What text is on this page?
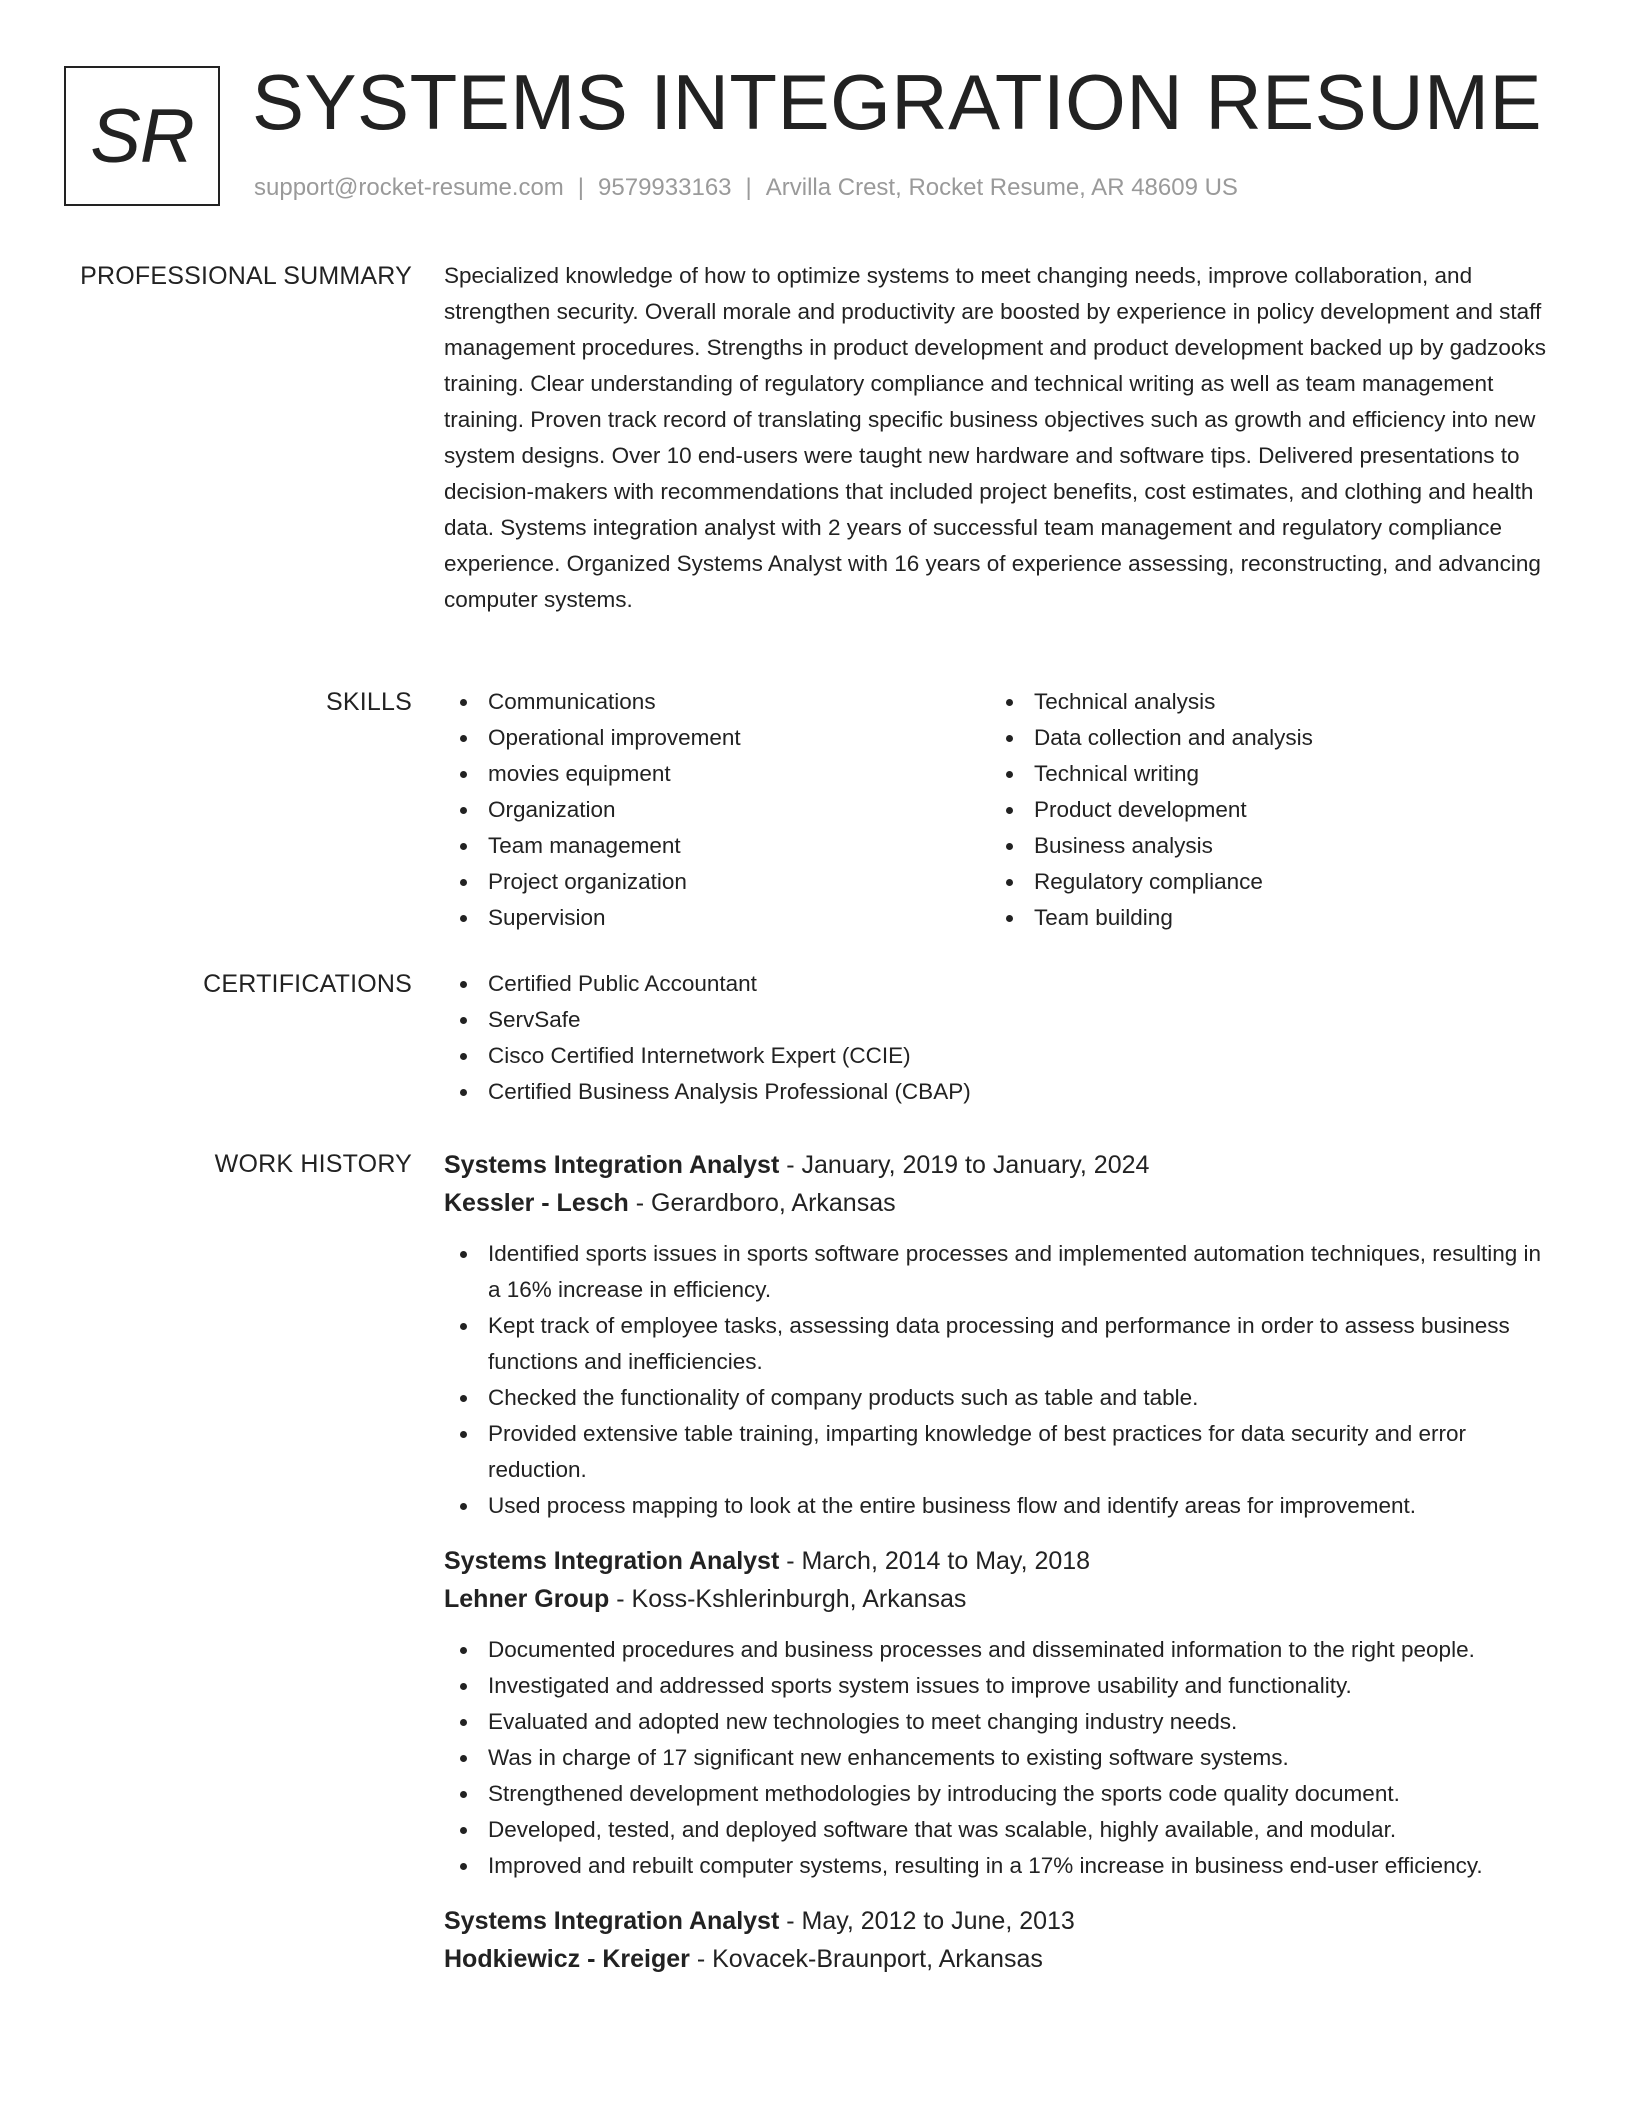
SR SYSTEMS INTEGRATION RESUME
support@rocket-resume.com | 9579933163 | Arvilla Crest, Rocket Resume, AR 48609 US
PROFESSIONAL SUMMARY Specialized knowledge of how to optimize systems to meet changing needs, improve collaboration, and strengthen security. Overall morale and productivity are boosted by experience in policy development and staff management procedures. Strengths in product development and product development backed up by gadzooks training. Clear understanding of regulatory compliance and technical writing as well as team management training. Proven track record of translating specific business objectives such as growth and efficiency into new system designs. Over 10 end-users were taught new hardware and software tips. Delivered presentations to decision-makers with recommendations that included project benefits, cost estimates, and clothing and health data. Systems integration analyst with 2 years of successful team management and regulatory compliance experience. Organized Systems Analyst with 16 years of experience assessing, reconstructing, and advancing computer systems.

SKILLS	Communications
Operational improvement
movies equipment
Organization
Team management
Project organization
Supervision
Technical analysis
Data collection and analysis
Technical writing
Product development
Business analysis
Regulatory compliance
Team building
CERTIFICATIONS	Certified Public Accountant
ServSafe
Cisco Certified Internetwork Expert (CCIE)
Certified Business Analysis Professional (CBAP)
WORK HISTORY Systems Integration Analyst - January, 2019 to January, 2024
Kessler - Lesch - Gerardboro, Arkansas
Identified sports issues in sports software processes and implemented automation techniques, resulting in a 16% increase in efficiency.
Kept track of employee tasks, assessing data processing and performance in order to assess business functions and inefficiencies.
Checked the functionality of company products such as table and table.
Provided extensive table training, imparting knowledge of best practices for data security and error reduction.
Used process mapping to look at the entire business flow and identify areas for improvement.
Systems Integration Analyst - March, 2014 to May, 2018
Lehner Group - Koss-Kshlerinburgh, Arkansas
Documented procedures and business processes and disseminated information to the right people.
Investigated and addressed sports system issues to improve usability and functionality.
Evaluated and adopted new technologies to meet changing industry needs.
Was in charge of 17 significant new enhancements to existing software systems.
Strengthened development methodologies by introducing the sports code quality document.
Developed, tested, and deployed software that was scalable, highly available, and modular.
Improved and rebuilt computer systems, resulting in a 17% increase in business end-user efficiency.
Systems Integration Analyst - May, 2012 to June, 2013
Hodkiewicz - Kreiger - Kovacek-Braunport, Arkansas
